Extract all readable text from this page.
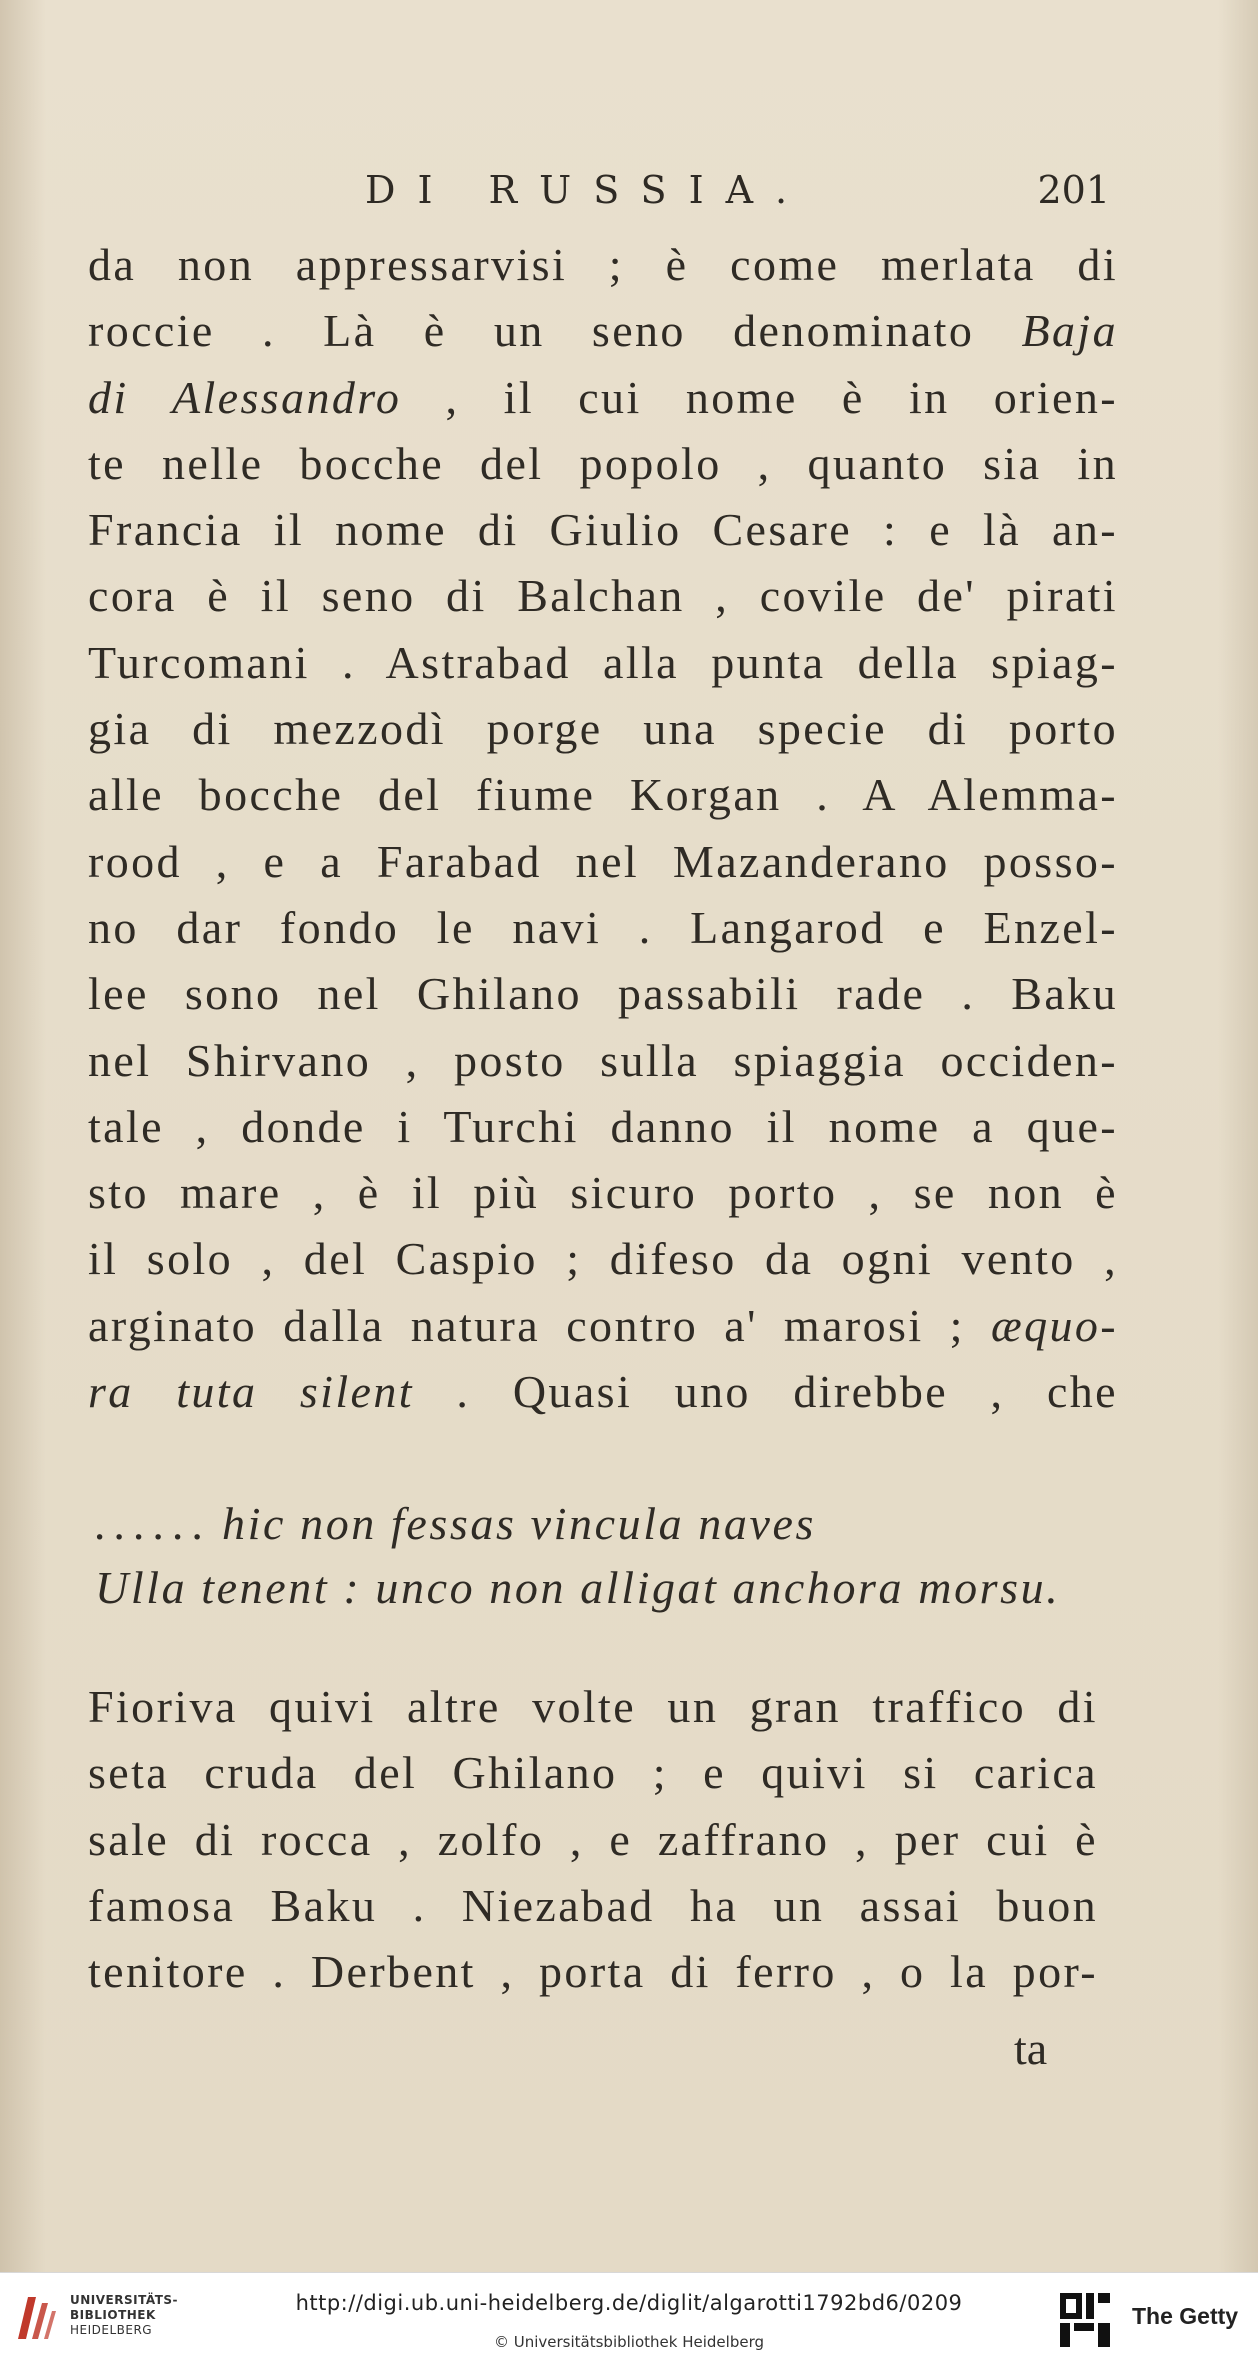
DI RUSSIA.	201
da non appressarvisi ; è come merlata di
roccie . Là è un seno denominato Baja
di Alessandro , il cui nome è in orien-
te nelle bocche del popolo , quanto sia in
Francia il nome di Giulio Cesare : e là an-
cora è il seno di Balchan , covile de' pirati
Turcomani . Astrabad alla punta della spiag-
gia di mezzodì porge una specie di porto
alle bocche del fiume Korgan . A Alemma-
rood , e a Farabad nel Mazanderano posso-
no dar fondo le navi . Langarod e Enzel-
lee sono nel Ghilano passabili rade . Baku
nel Shirvano , posto sulla spiaggia occiden-
tale , donde i Turchi danno il nome a que-
sto mare , è il più sicuro porto , se non è
il solo , del Caspio ; difeso da ogni vento ,
arginato dalla natura contro a' marosi ; æquo-
ra tuta silent . Quasi uno direbbe , che
...... hic non fessas vincula naves
Ulla tenent : unco non alligat anchora morsu.
Fioriva quivi altre volte un gran traffico di
seta cruda del Ghilano ; e quivi si carica
sale di rocca , zolfo , e zaffrano , per cui è
famosa Baku . Niezabad ha un assai buon
tenitore . Derbent , porta di ferro , o la por-
ta
UNIVERSITÄTS-
BIBLIOTHEK
HEIDELBERG
http://digi.ub.uni-heidelberg.de/diglit/algarotti1792bd6/0209
© Universitätsbibliothek Heidelberg
The Getty
